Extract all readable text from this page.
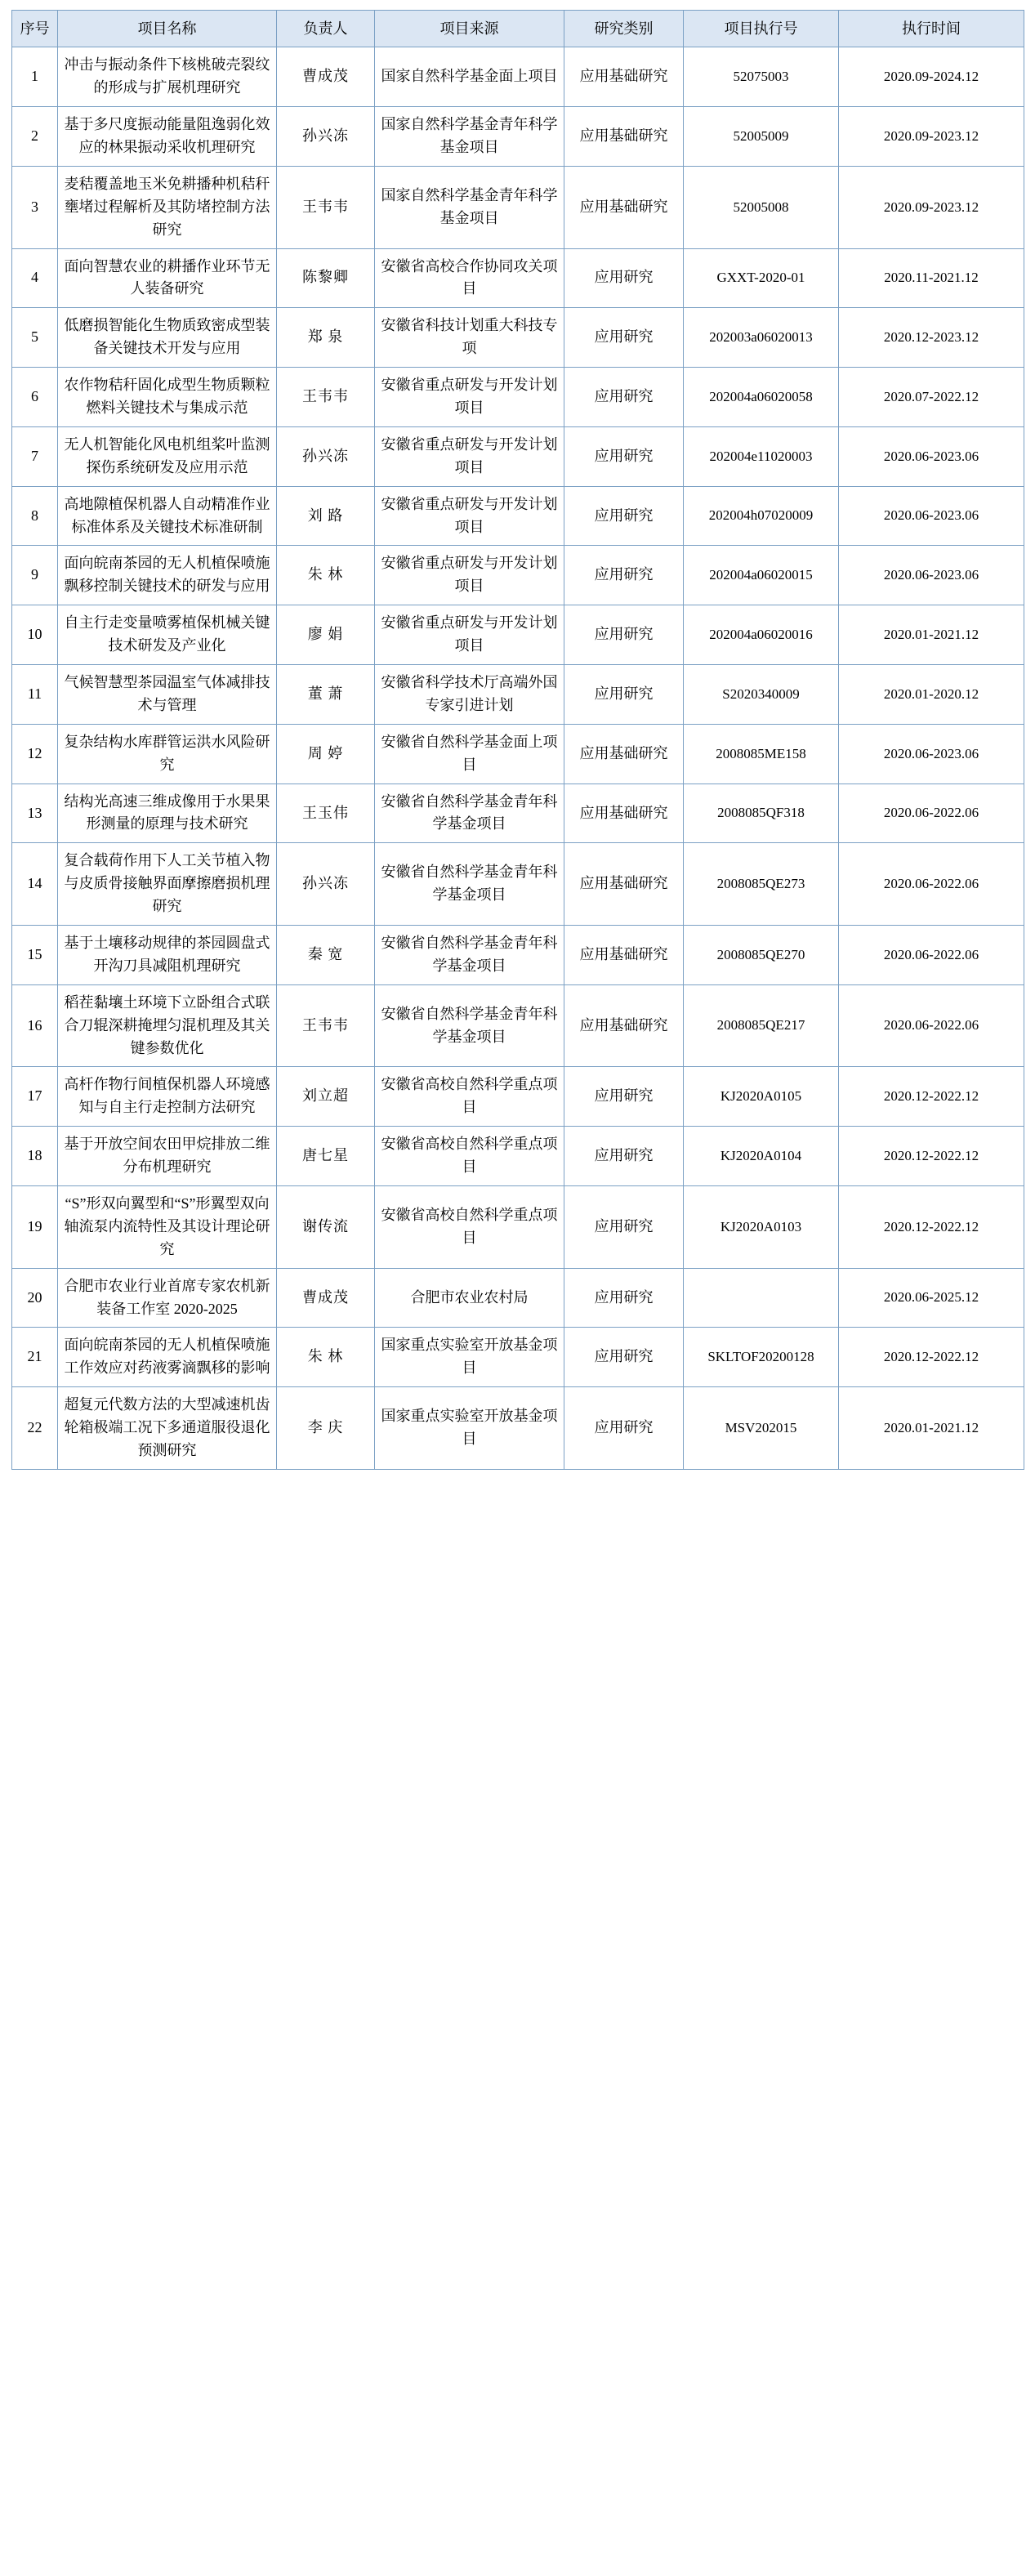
序号	项目名称	负责人	项目来源	研究类别	项目执行号	执行时间
1	冲击与振动条件下核桃破壳裂纹的形成与扩展机理研究	曹成茂	国家自然科学基金面上项目	应用基础研究	52075003	2020.09-2024.12
2	基于多尺度振动能量阻逸弱化效应的林果振动采收机理研究	孙兴冻	国家自然科学基金青年科学基金项目	应用基础研究	52005009	2020.09-2023.12
3	麦秸覆盖地玉米免耕播种机秸秆壅堵过程解析及其防堵控制方法研究	王韦韦	国家自然科学基金青年科学基金项目	应用基础研究	52005008	2020.09-2023.12
4	面向智慧农业的耕播作业环节无人装备研究	陈黎卿	安徽省高校合作协同攻关项目	应用研究	GXXT-2020-01	2020.11-2021.12
5	低磨损智能化生物质致密成型装备关键技术开发与应用	郑 泉	安徽省科技计划重大科技专项	应用研究	202003a06020013	2020.12-2023.12
6	农作物秸秆固化成型生物质颗粒燃料关键技术与集成示范	王韦韦	安徽省重点研发与开发计划项目	应用研究	202004a06020058	2020.07-2022.12
7	无人机智能化风电机组桨叶监测探伤系统研发及应用示范	孙兴冻	安徽省重点研发与开发计划项目	应用研究	202004e11020003	2020.06-2023.06
8	高地隙植保机器人自动精准作业标准体系及关键技术标准研制	刘 路	安徽省重点研发与开发计划项目	应用研究	202004h07020009	2020.06-2023.06
9	面向皖南茶园的无人机植保喷施飘移控制关键技术的研发与应用	朱 林	安徽省重点研发与开发计划项目	应用研究	202004a06020015	2020.06-2023.06
10	自主行走变量喷雾植保机械关键技术研发及产业化	廖 娟	安徽省重点研发与开发计划项目	应用研究	202004a06020016	2020.01-2021.12
11	气候智慧型茶园温室气体减排技术与管理	董 萧	安徽省科学技术厅高端外国专家引进计划	应用研究	S2020340009	2020.01-2020.12
12	复杂结构水库群管运洪水风险研究	周 婷	安徽省自然科学基金面上项目	应用基础研究	2008085ME158	2020.06-2023.06
13	结构光高速三维成像用于水果果形测量的原理与技术研究	王玉伟	安徽省自然科学基金青年科学基金项目	应用基础研究	2008085QF318	2020.06-2022.06
14	复合载荷作用下人工关节植入物与皮质骨接触界面摩擦磨损机理研究	孙兴冻	安徽省自然科学基金青年科学基金项目	应用基础研究	2008085QE273	2020.06-2022.06
15	基于土壤移动规律的茶园圆盘式开沟刀具减阻机理研究	秦 宽	安徽省自然科学基金青年科学基金项目	应用基础研究	2008085QE270	2020.06-2022.06
16	稻茬黏壤土环境下立卧组合式联合刀辊深耕掩埋匀混机理及其关键参数优化	王韦韦	安徽省自然科学基金青年科学基金项目	应用基础研究	2008085QE217	2020.06-2022.06
17	高杆作物行间植保机器人环境感知与自主行走控制方法研究	刘立超	安徽省高校自然科学重点项目	应用研究	KJ2020A0105	2020.12-2022.12
18	基于开放空间农田甲烷排放二维分布机理研究	唐七星	安徽省高校自然科学重点项目	应用研究	KJ2020A0104	2020.12-2022.12
19	“S”形双向翼型和“S”形翼型双向轴流泵内流特性及其设计理论研究	谢传流	安徽省高校自然科学重点项目	应用研究	KJ2020A0103	2020.12-2022.12
20	合肥市农业行业首席专家农机新装备工作室 2020-2025	曹成茂	合肥市农业农村局	应用研究		2020.06-2025.12
21	面向皖南茶园的无人机植保喷施工作效应对药液雾滴飘移的影响	朱 林	国家重点实验室开放基金项目	应用研究	SKLTOF20200128	2020.12-2022.12
22	超复元代数方法的大型减速机齿轮箱极端工况下多通道服役退化预测研究	李 庆	国家重点实验室开放基金项目	应用研究	MSV202015	2020.01-2021.12
